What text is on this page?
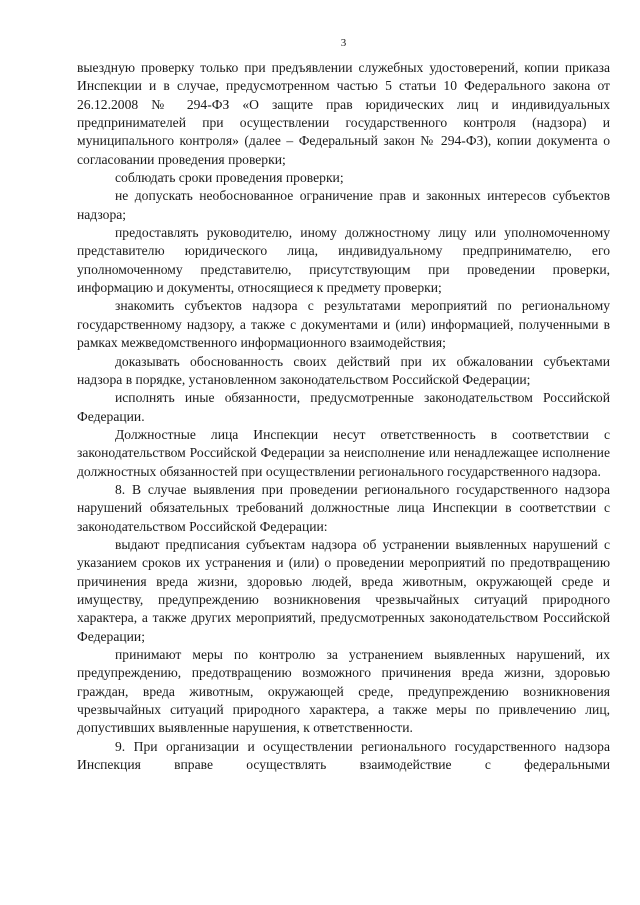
3

выездную проверку только при предъявлении служебных удостоверений, копии приказа Инспекции и в случае, предусмотренном частью 5 статьи 10 Федерального закона от 26.12.2008 № 294-ФЗ «О защите прав юридических лиц и индивидуальных предпринимателей при осуществлении государственного контроля (надзора) и муниципального контроля» (далее – Федеральный закон № 294-ФЗ), копии документа о согласовании проведения проверки;

соблюдать сроки проведения проверки;

не допускать необоснованное ограничение прав и законных интересов субъектов надзора;

предоставлять руководителю, иному должностному лицу или уполномоченному представителю юридического лица, индивидуальному предпринимателю, его уполномоченному представителю, присутствующим при проведении проверки, информацию и документы, относящиеся к предмету проверки;

знакомить субъектов надзора с результатами мероприятий по региональному государственному надзору, а также с документами и (или) информацией, полученными в рамках межведомственного информационного взаимодействия;

доказывать обоснованность своих действий при их обжаловании субъектами надзора в порядке, установленном законодательством Российской Федерации;

исполнять иные обязанности, предусмотренные законодательством Российской Федерации.

Должностные лица Инспекции несут ответственность в соответствии с законодательством Российской Федерации за неисполнение или ненадлежащее исполнение должностных обязанностей при осуществлении регионального государственного надзора.

8. В случае выявления при проведении регионального государственного надзора нарушений обязательных требований должностные лица Инспекции в соответствии с законодательством Российской Федерации:

выдают предписания субъектам надзора об устранении выявленных нарушений с указанием сроков их устранения и (или) о проведении мероприятий по предотвращению причинения вреда жизни, здоровью людей, вреда животным, окружающей среде и имуществу, предупреждению возникновения чрезвычайных ситуаций природного характера, а также других мероприятий, предусмотренных законодательством Российской Федерации;

принимают меры по контролю за устранением выявленных нарушений, их предупреждению, предотвращению возможного причинения вреда жизни, здоровью граждан, вреда животным, окружающей среде, предупреждению возникновения чрезвычайных ситуаций природного характера, а также меры по привлечению лиц, допустивших выявленные нарушения, к ответственности.

9. При организации и осуществлении регионального государственного надзора Инспекция вправе осуществлять взаимодействие с федеральными
